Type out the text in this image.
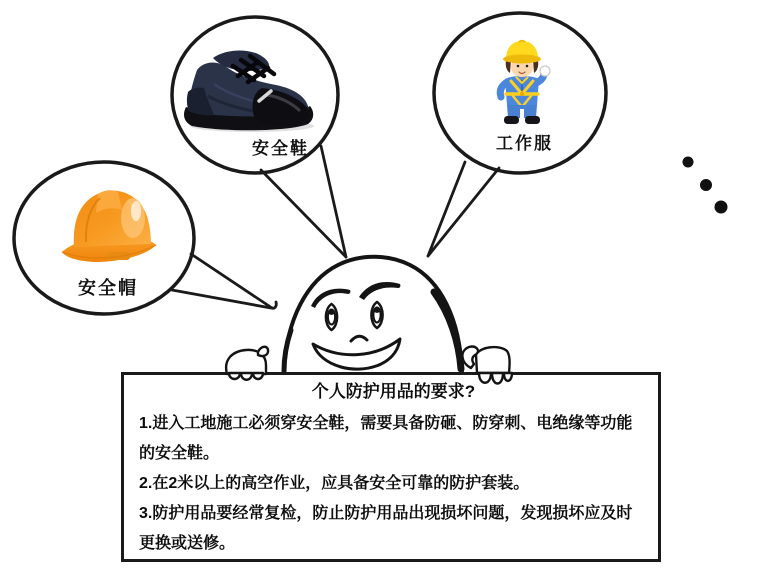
安全帽
安全鞋	工作服
个人防护用品的要求?

1.进入工地施工必须穿安全鞋，需要具备防砸、防穿刺、电绝缘等功能的安全鞋。

2.在2米以上的高空作业，应具备安全可靠的防护套装。

3.防护用品要经常复检，防止防护用品出现损坏问题，发现损坏应及时更换或送修。
